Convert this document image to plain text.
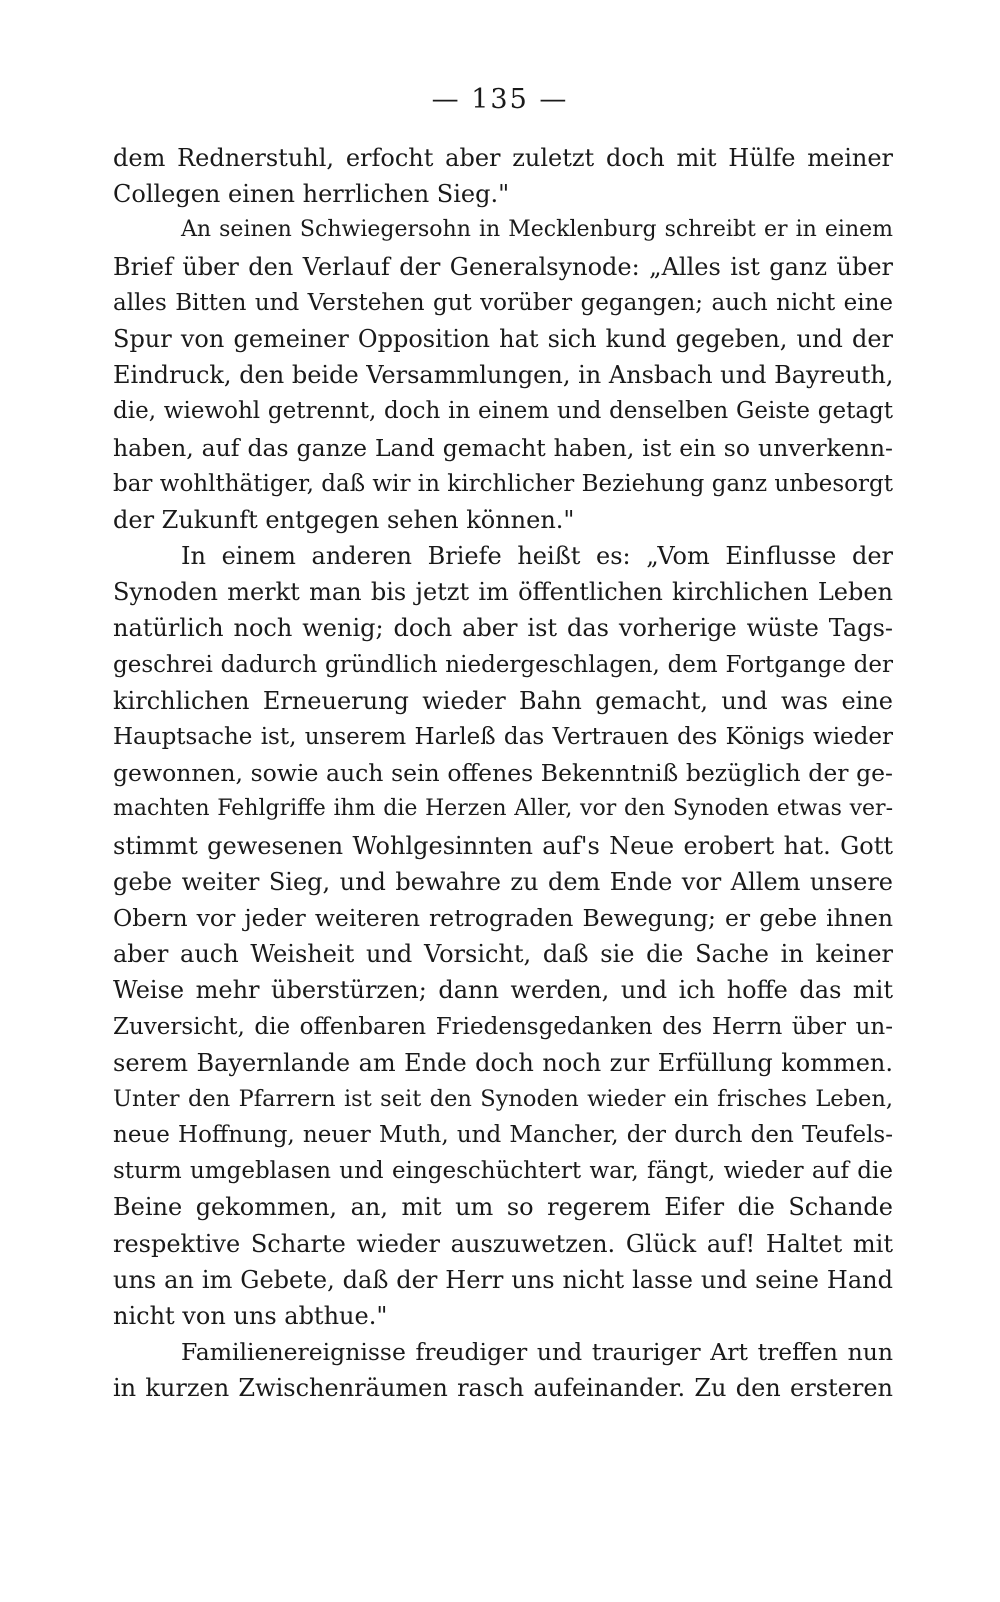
— 135 —
dem Rednerstuhl, erfocht aber zuletzt doch mit Hülfe meiner
Collegen einen herrlichen Sieg."
An seinen Schwiegersohn in Mecklenburg schreibt er in einem
Brief über den Verlauf der Generalsynode: „Alles ist ganz über
alles Bitten und Verstehen gut vorüber gegangen; auch nicht eine
Spur von gemeiner Opposition hat sich kund gegeben, und der
Eindruck, den beide Versammlungen, in Ansbach und Bayreuth,
die, wiewohl getrennt, doch in einem und denselben Geiste getagt
haben, auf das ganze Land gemacht haben, ist ein so unverkenn-
bar wohlthätiger, daß wir in kirchlicher Beziehung ganz unbesorgt
der Zukunft entgegen sehen können."
In einem anderen Briefe heißt es: „Vom Einflusse der
Synoden merkt man bis jetzt im öffentlichen kirchlichen Leben
natürlich noch wenig; doch aber ist das vorherige wüste Tags-
geschrei dadurch gründlich niedergeschlagen, dem Fortgange der
kirchlichen Erneuerung wieder Bahn gemacht, und was eine
Hauptsache ist, unserem Harleß das Vertrauen des Königs wieder
gewonnen, sowie auch sein offenes Bekenntniß bezüglich der ge-
machten Fehlgriffe ihm die Herzen Aller, vor den Synoden etwas ver-
stimmt gewesenen Wohlgesinnten auf's Neue erobert hat. Gott
gebe weiter Sieg, und bewahre zu dem Ende vor Allem unsere
Obern vor jeder weiteren retrograden Bewegung; er gebe ihnen
aber auch Weisheit und Vorsicht, daß sie die Sache in keiner
Weise mehr überstürzen; dann werden, und ich hoffe das mit
Zuversicht, die offenbaren Friedensgedanken des Herrn über un-
serem Bayernlande am Ende doch noch zur Erfüllung kommen.
Unter den Pfarrern ist seit den Synoden wieder ein frisches Leben,
neue Hoffnung, neuer Muth, und Mancher, der durch den Teufels-
sturm umgeblasen und eingeschüchtert war, fängt, wieder auf die
Beine gekommen, an, mit um so regerem Eifer die Schande
respektive Scharte wieder auszuwetzen. Glück auf! Haltet mit
uns an im Gebete, daß der Herr uns nicht lasse und seine Hand
nicht von uns abthue."
Familienereignisse freudiger und trauriger Art treffen nun
in kurzen Zwischenräumen rasch aufeinander. Zu den ersteren
